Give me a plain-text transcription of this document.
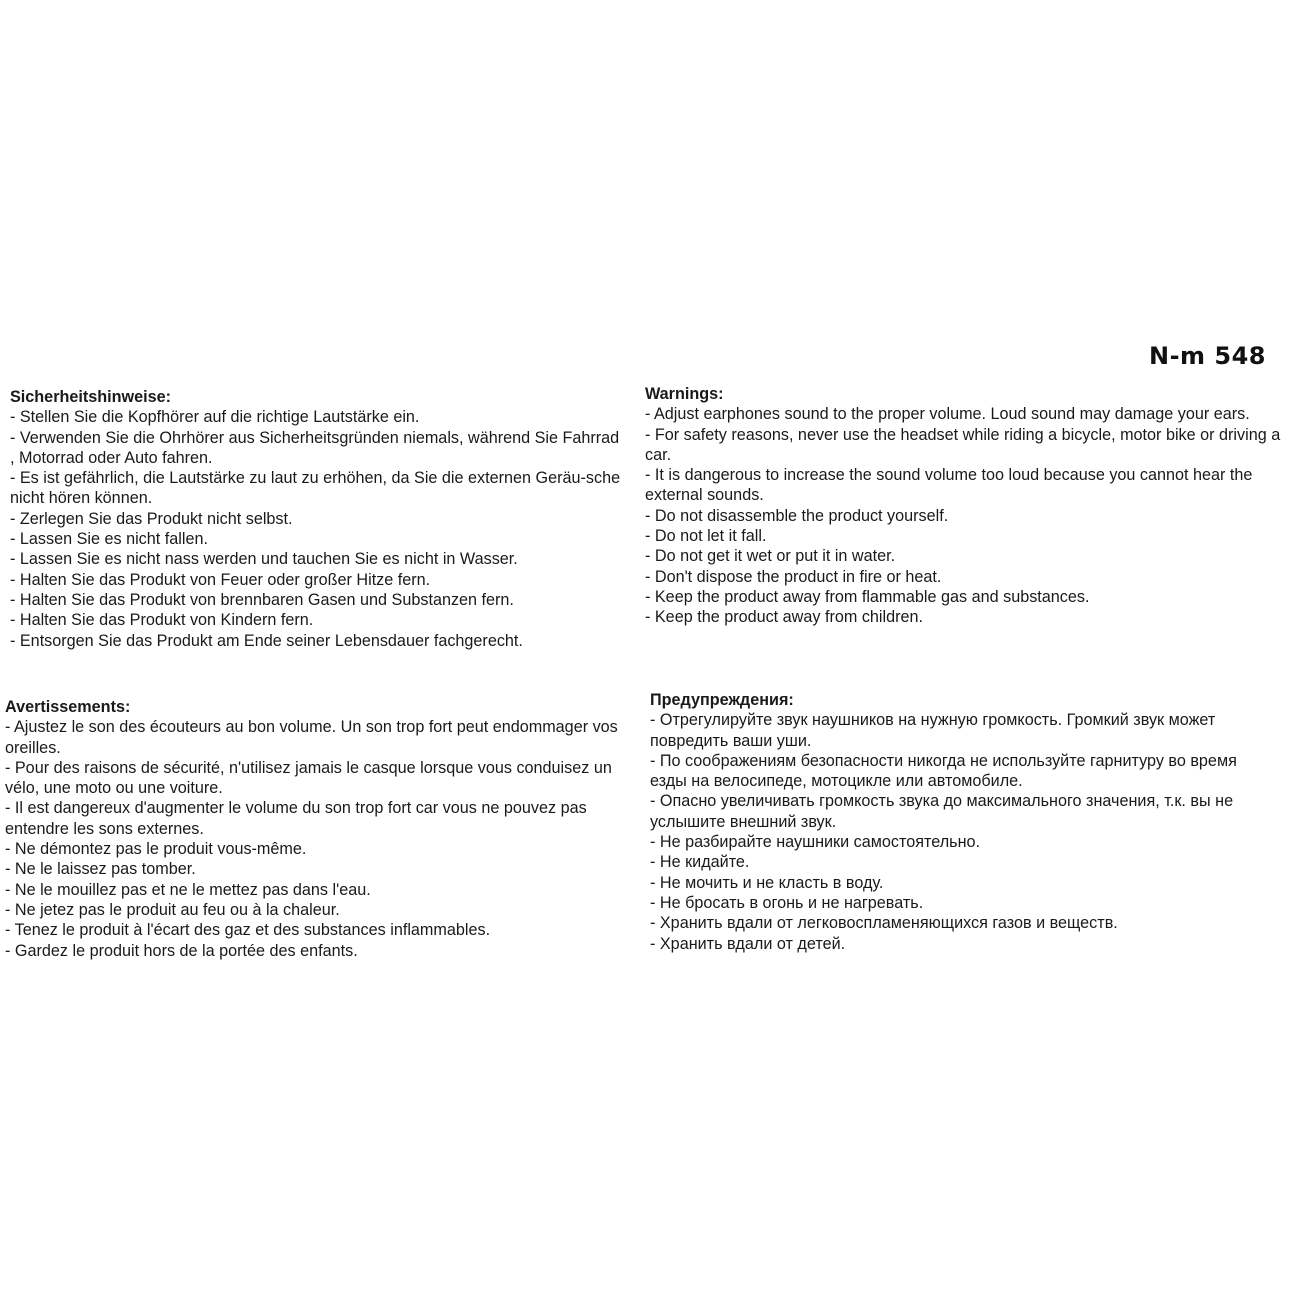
N-m 548
Sicherheitshinweise:
- Stellen Sie die Kopfhörer auf die richtige Lautstärke ein.
- Verwenden Sie die Ohrhörer aus Sicherheitsgründen niemals, während Sie Fahrrad , Motorrad oder Auto fahren.
- Es ist gefährlich, die Lautstärke zu laut zu erhöhen, da Sie die externen Geräu-sche nicht hören können.
- Zerlegen Sie das Produkt nicht selbst.
- Lassen Sie es nicht fallen.
- Lassen Sie es nicht nass werden und tauchen Sie es nicht in Wasser.
- Halten Sie das Produkt von Feuer oder großer Hitze fern.
- Halten Sie das Produkt von brennbaren Gasen und Substanzen fern.
- Halten Sie das Produkt von Kindern fern.
- Entsorgen Sie das Produkt am Ende seiner Lebensdauer fachgerecht.
Warnings:
- Adjust earphones sound to the proper volume. Loud sound may damage your ears.
- For safety reasons, never use the headset while riding a bicycle, motor bike or driving a car.
- It is dangerous to increase the sound volume too loud because you cannot hear the external sounds.
- Do not disassemble the product yourself.
- Do not let it fall.
- Do not get it wet or put it in water.
- Don't dispose the product in fire or heat.
- Keep the product away from flammable gas and substances.
- Keep the product away from children.
Avertissements:
- Ajustez le son des écouteurs au bon volume. Un son trop fort peut endommager vos oreilles.
- Pour des raisons de sécurité, n'utilisez jamais le casque lorsque vous conduisez un vélo, une moto ou une voiture.
- Il est dangereux d'augmenter le volume du son trop fort car vous ne pouvez pas entendre les sons externes.
- Ne démontez pas le produit vous-même.
- Ne le laissez pas tomber.
- Ne le mouillez pas et ne le mettez pas dans l'eau.
- Ne jetez pas le produit au feu ou à la chaleur.
- Tenez le produit à l'écart des gaz et des substances inflammables.
- Gardez le produit hors de la portée des enfants.
Предупреждения:
- Отрегулируйте звук наушников на нужную громкость. Громкий звук может повредить ваши уши.
- По соображениям безопасности никогда не используйте гарнитуру во время езды на велосипеде, мотоцикле или автомобиле.
- Опасно увеличивать громкость звука до максимального значения, т.к. вы не услышите внешний звук.
- Не разбирайте наушники самостоятельно.
- Не кидайте.
- Не мочить и не класть в воду.
- Не бросать в огонь и не нагревать.
- Хранить вдали от легковоспламеняющихся газов и веществ.
- Хранить вдали от детей.
